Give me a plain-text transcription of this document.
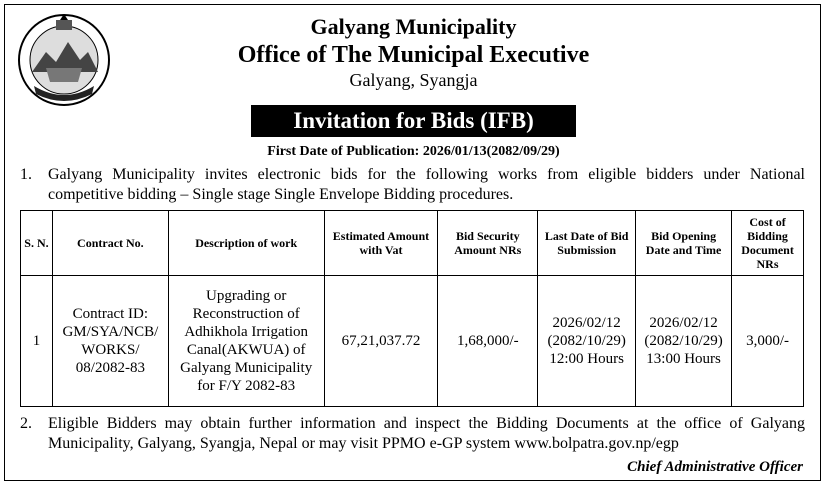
Galyang Municipality
Office of The Municipal Executive
Galyang, Syangja
Invitation for Bids (IFB)
First Date of Publication: 2026/01/13(2082/09/29)
1. Galyang Municipality invites electronic bids for the following works from eligible bidders under National competitive bidding – Single stage Single Envelope Bidding procedures.
S. N.	Contract No.	Description of work	Estimated Amount with Vat	Bid Security Amount NRs	Last Date of Bid Submission	Bid Opening Date and Time	Cost of Bidding Document NRs
1	Contract ID: GM/SYA/NCB/ WORKS/ 08/2082-83	Upgrading or Reconstruction of Adhikhola Irrigation Canal(AKWUA) of Galyang Municipality for F/Y 2082-83	67,21,037.72	1,68,000/-	2026/02/12 (2082/10/29) 12:00 Hours	2026/02/12 (2082/10/29) 13:00 Hours	3,000/-
2. Eligible Bidders may obtain further information and inspect the Bidding Documents at the office of Galyang Municipality, Galyang, Syangja, Nepal or may visit PPMO e-GP system www.bolpatra.gov.np/egp
Chief Administrative Officer
